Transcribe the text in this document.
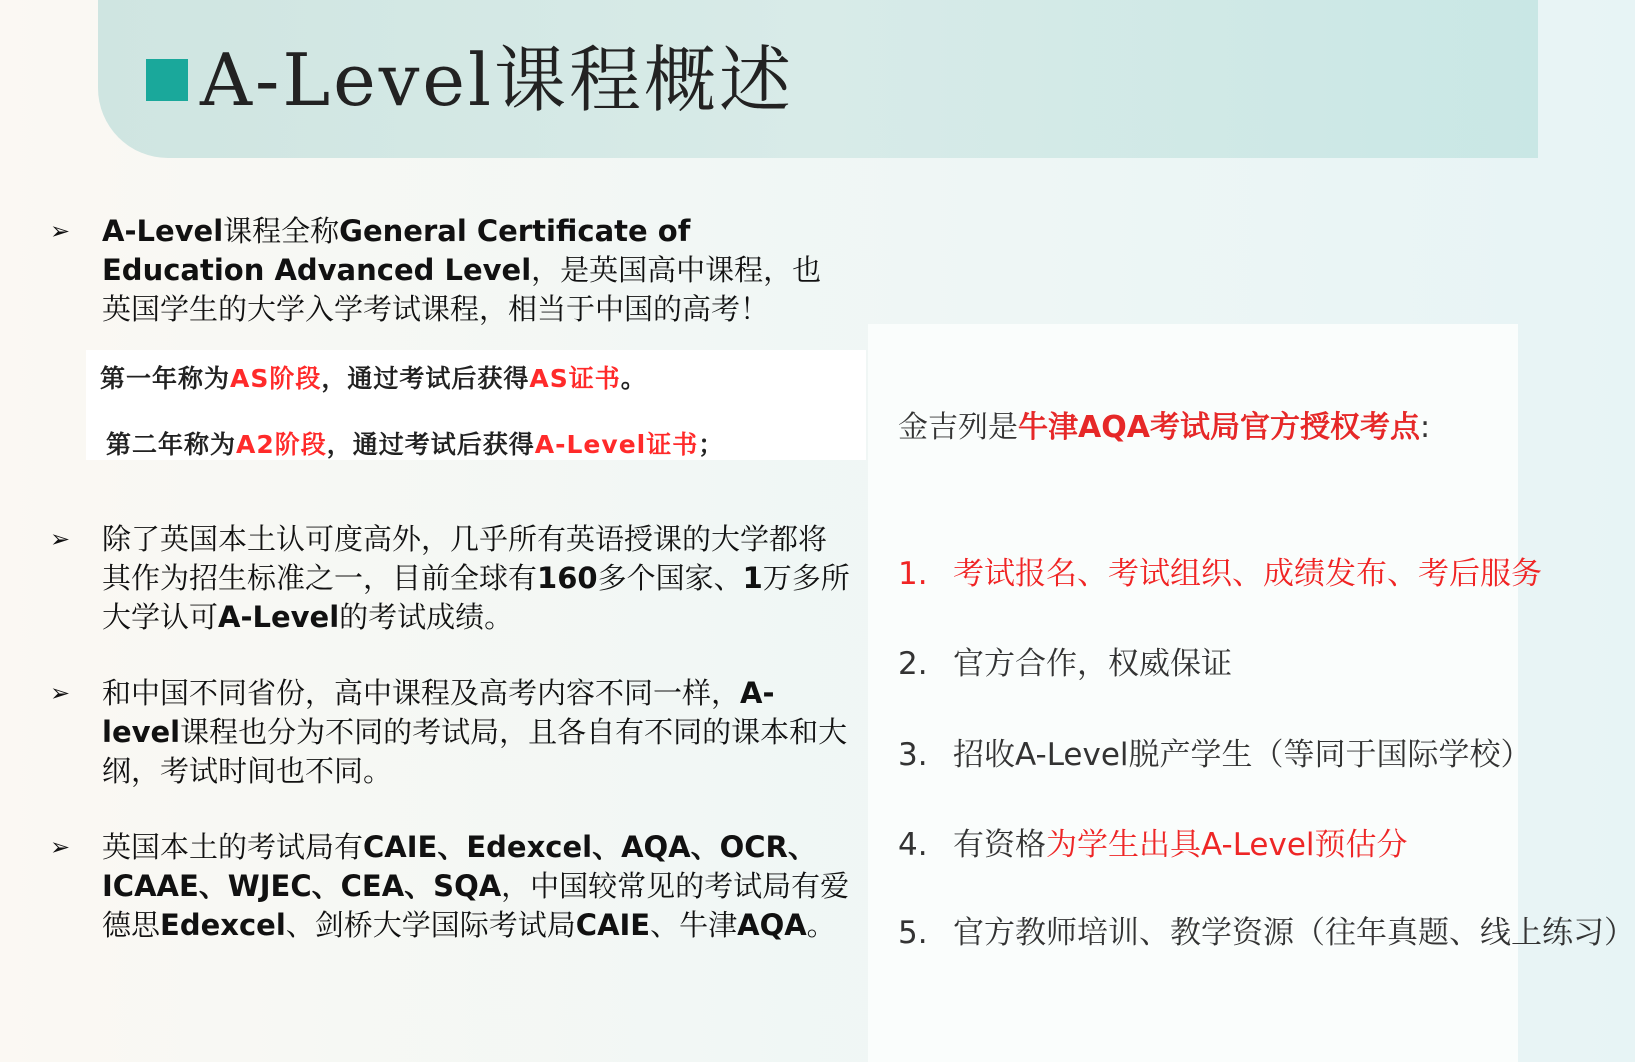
A-Level课程概述
➢	A-Level课程全称General Certificate of Education Advanced Level，是英国高中课程，也英国学生的大学入学考试课程，相当于中国的高考！
第一年称为AS阶段，通过考试后获得AS证书。
第二年称为A2阶段，通过考试后获得A-Level证书；
➢	除了英国本土认可度高外，几乎所有英语授课的大学都将其作为招生标准之一，目前全球有160多个国家、1万多所大学认可A-Level的考试成绩。
➢	和中国不同省份，高中课程及高考内容不同一样，A-level课程也分为不同的考试局，且各自有不同的课本和大纲，考试时间也不同。
➢	英国本土的考试局有CAIE、Edexcel、AQA、OCR、ICAAE、WJEC、CEA、SQA，中国较常见的考试局有爱德思Edexcel、剑桥大学国际考试局CAIE、牛津AQA。
金吉列是牛津AQA考试局官方授权考点:
1. 考试报名、考试组织、成绩发布、考后服务
2. 官方合作，权威保证
3. 招收A-Level脱产学生（等同于国际学校）
4. 有资格为学生出具A-Level预估分
5. 官方教师培训、教学资源（往年真题、线上练习）
